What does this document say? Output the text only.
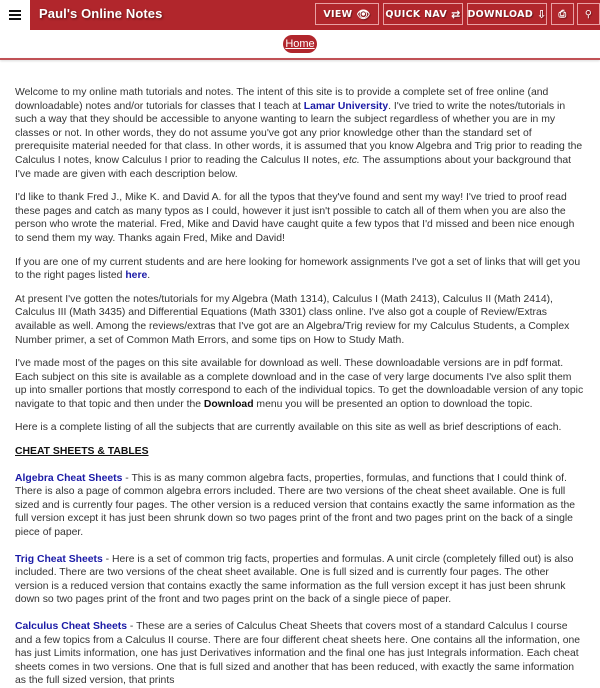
Paul's Online Notes	VIEW 👁 QUICK NAV ⇄ DOWNLOAD ⇩ ⎙ ⚲
Home

Welcome to my online math tutorials and notes. The intent of this site is to provide a complete set of free online (and downloadable) notes and/or tutorials for classes that I teach at Lamar University. I've tried to write the notes/tutorials in such a way that they should be accessible to anyone wanting to learn the subject regardless of whether you are in my classes or not. In other words, they do not assume you've got any prior knowledge other than the standard set of prerequisite material needed for that class. In other words, it is assumed that you know Algebra and Trig prior to reading the Calculus I notes, know Calculus I prior to reading the Calculus II notes, etc. The assumptions about your background that I've made are given with each description below.

I'd like to thank Fred J., Mike K. and David A. for all the typos that they've found and sent my way! I've tried to proof read these pages and catch as many typos as I could, however it just isn't possible to catch all of them when you are also the person who wrote the material. Fred, Mike and David have caught quite a few typos that I'd missed and been nice enough to send them my way. Thanks again Fred, Mike and David!

If you are one of my current students and are here looking for homework assignments I've got a set of links that will get you to the right pages listed here.

At present I've gotten the notes/tutorials for my Algebra (Math 1314), Calculus I (Math 2413), Calculus II (Math 2414), Calculus III (Math 3435) and Differential Equations (Math 3301) class online. I've also got a couple of Review/Extras available as well. Among the reviews/extras that I've got are an Algebra/Trig review for my Calculus Students, a Complex Number primer, a set of Common Math Errors, and some tips on How to Study Math.

I've made most of the pages on this site available for download as well. These downloadable versions are in pdf format. Each subject on this site is available as a complete download and in the case of very large documents I've also split them up into smaller portions that mostly correspond to each of the individual topics. To get the downloadable version of any topic navigate to that topic and then under the Download menu you will be presented an option to download the topic.

Here is a complete listing of all the subjects that are currently available on this site as well as brief descriptions of each.

CHEAT SHEETS & TABLES

Algebra Cheat Sheets - This is as many common algebra facts, properties, formulas, and functions that I could think of. There is also a page of common algebra errors included. There are two versions of the cheat sheet available. One is full sized and is currently four pages. The other version is a reduced version that contains exactly the same information as the full version except it has just been shrunk down so two pages print of the front and two pages print on the back of a single piece of paper.

Trig Cheat Sheets - Here is a set of common trig facts, properties and formulas. A unit circle (completely filled out) is also included. There are two versions of the cheat sheet available. One is full sized and is currently four pages. The other version is a reduced version that contains exactly the same information as the full version except it has just been shrunk down so two pages print of the front and two pages print on the back of a single piece of paper.

Calculus Cheat Sheets - These are a series of Calculus Cheat Sheets that covers most of a standard Calculus I course and a few topics from a Calculus II course. There are four different cheat sheets here. One contains all the information, one has just Limits information, one has just Derivatives information and the final one has just Integrals information. Each cheat sheets comes in two versions. One that is full sized and another that has been reduced, with exactly the same information as the full sized version, that prints
